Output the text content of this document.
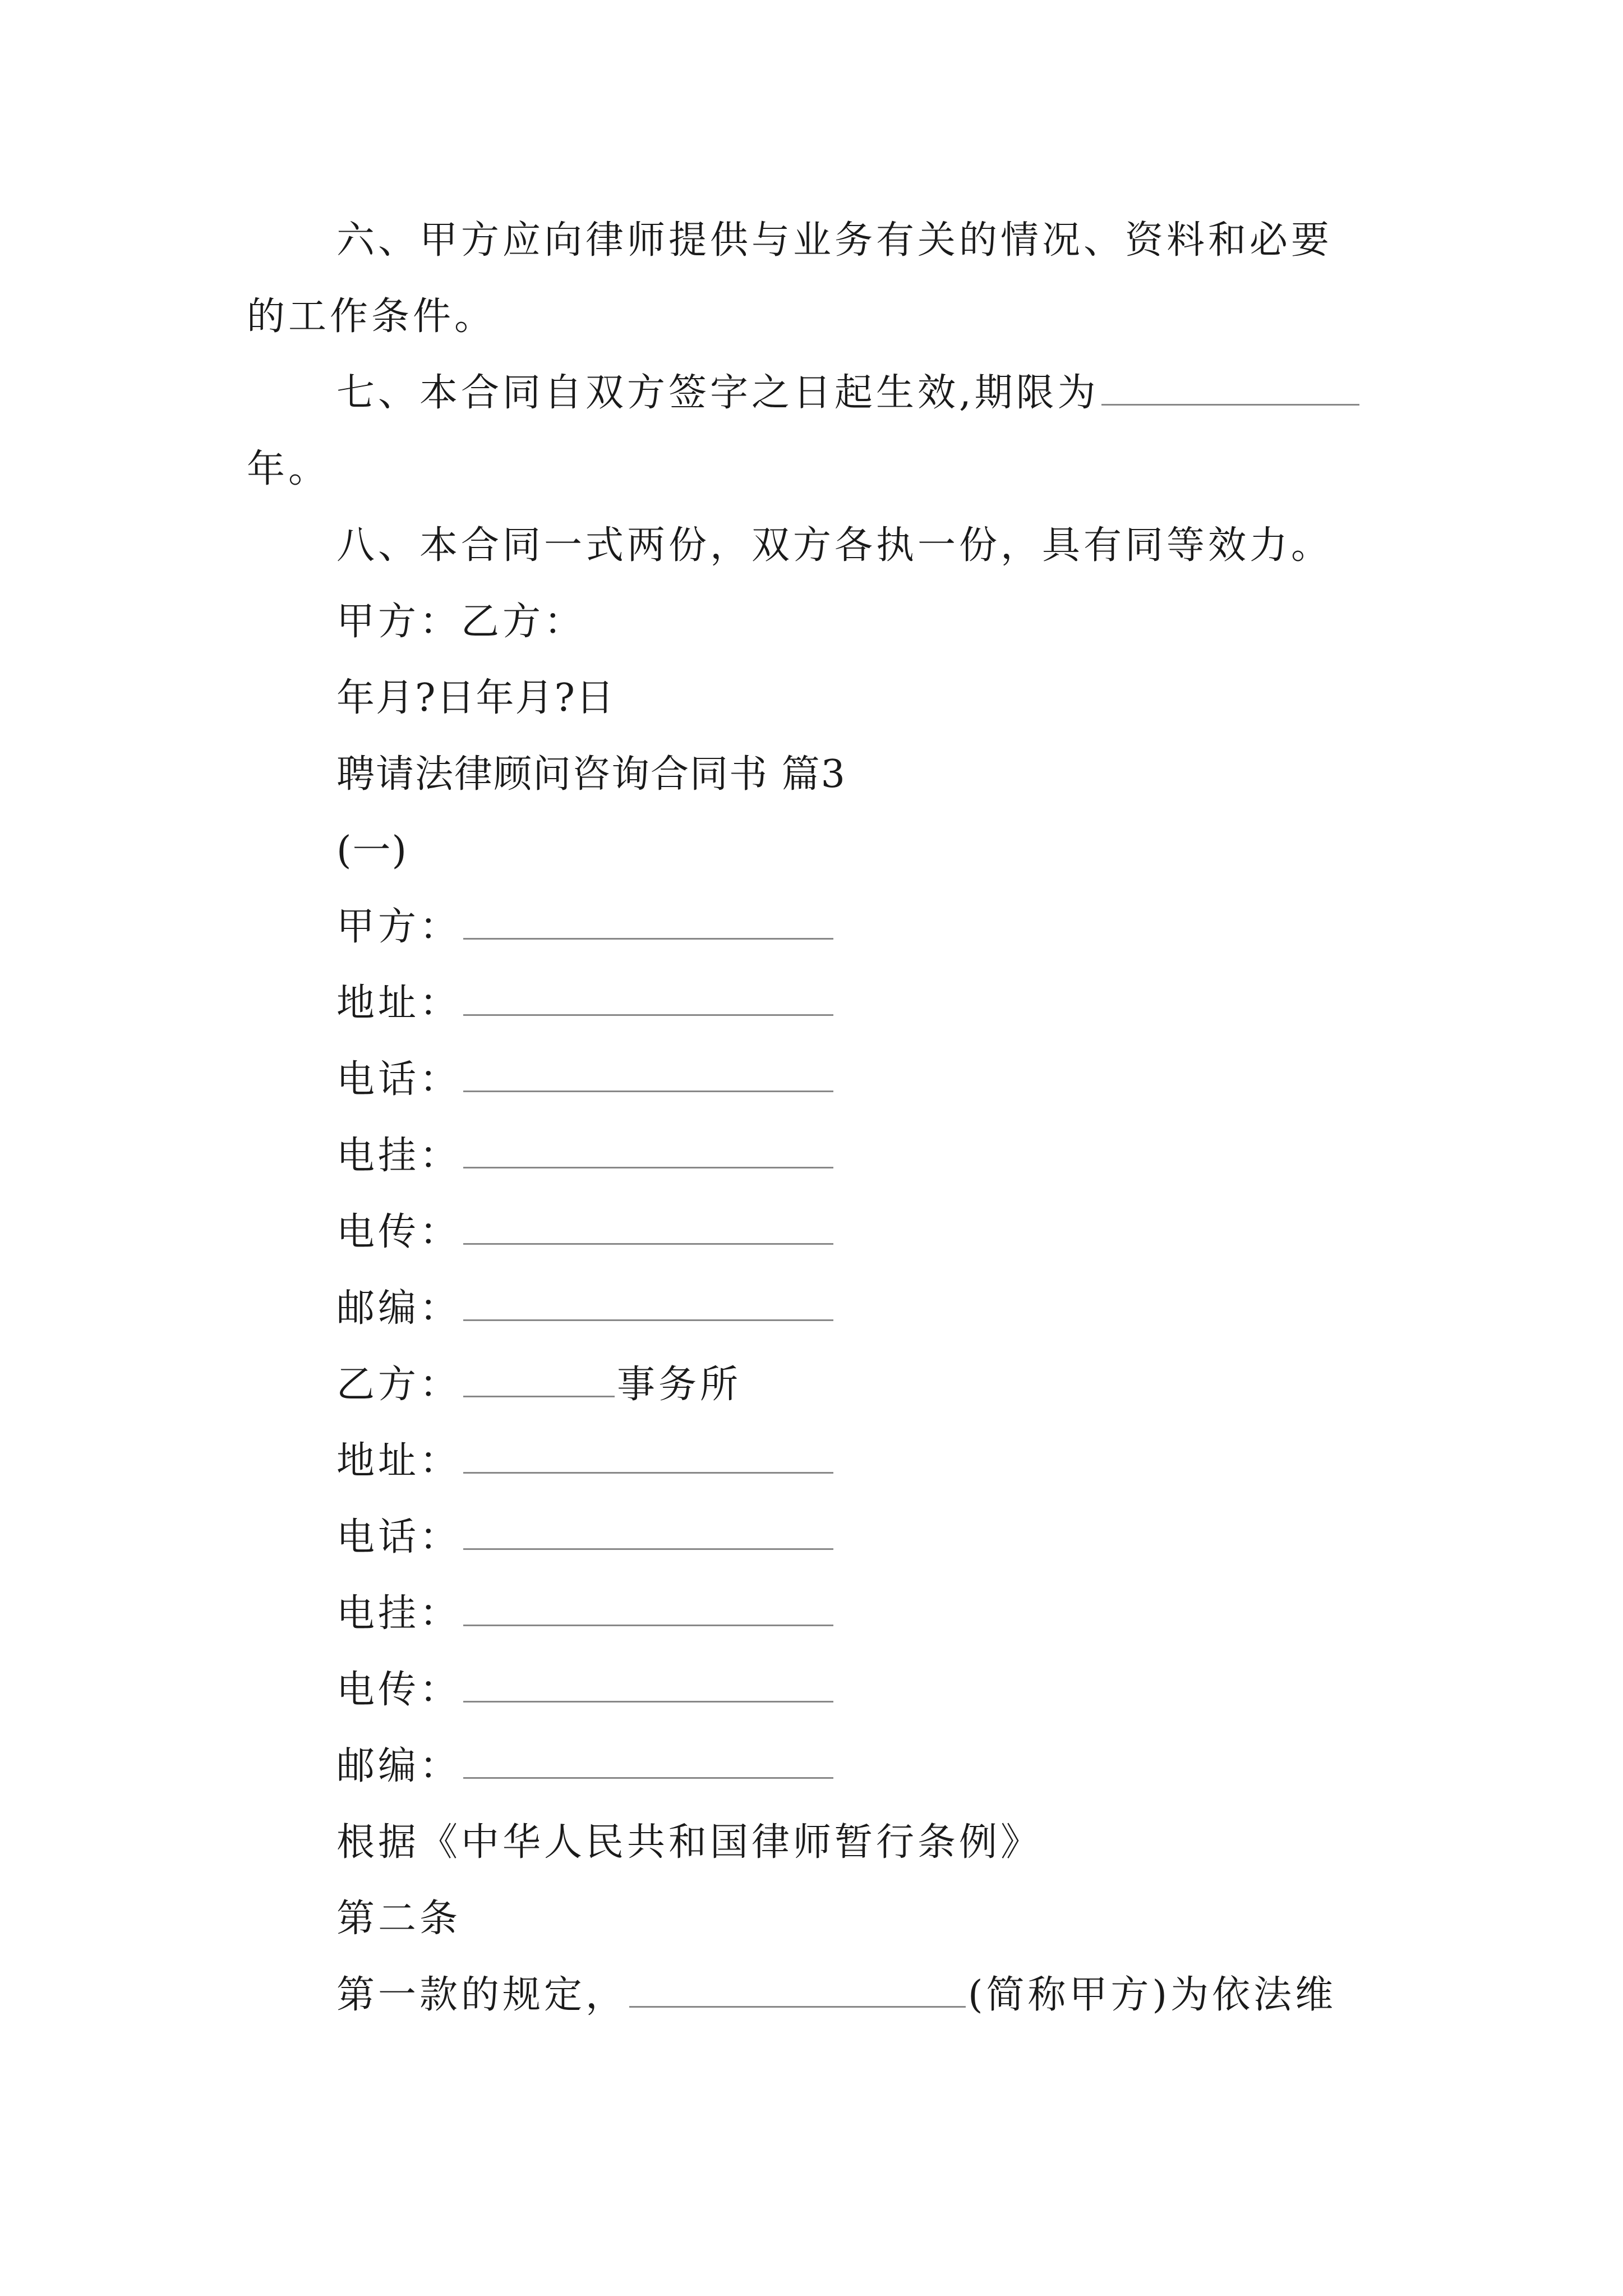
六、甲方应向律师提供与业务有关的情况、资料和必要
的工作条件。
七、本合同自双方签字之日起生效,期限为
年。
八、本合同一式两份，双方各执一份，具有同等效力。
甲方：乙方：
年月?日年月?日
聘请法律顾问咨询合同书 篇3
(一)
甲方：
地址：
电话：
电挂：
电传：
邮编：
乙方：	事务所
地址：
电话：
电挂：
电传：
邮编：
根据《中华人民共和国律师暂行条例》
第二条
第一款的规定，	(简称甲方)为依法维
